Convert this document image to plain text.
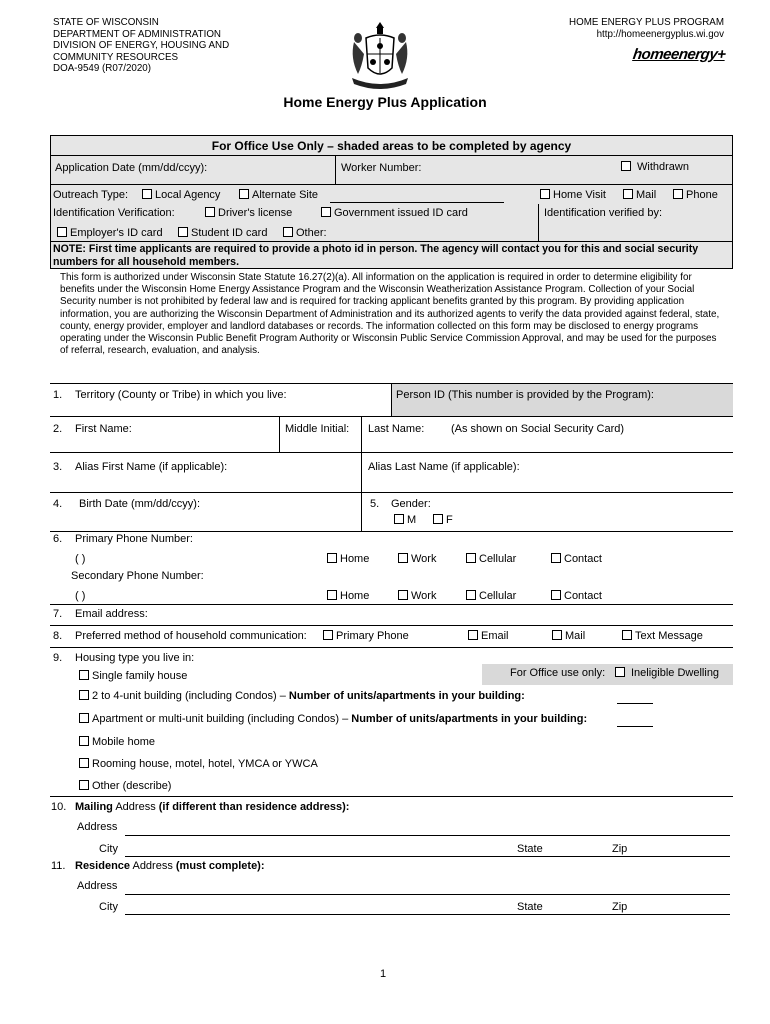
STATE OF WISCONSIN
DEPARTMENT OF ADMINISTRATION
DIVISION OF ENERGY, HOUSING AND
COMMUNITY RESOURCES
DOA-9549 (R07/2020)
HOME ENERGY PLUS PROGRAM
http://homeenergyplus.wi.gov
homeenergy+
Home Energy Plus Application
For Office Use Only – shaded areas to be completed by agency
Application Date (mm/dd/ccyy):	Worker Number:	Withdrawn
Outreach Type:	Local Agency	Alternate Site	Home Visit	Mail	Phone
Identification Verification:	Driver's license	Government issued ID card	Identification verified by:
Employer's ID card	Student ID card	Other:
NOTE: First time applicants are required to provide a photo id in person. The agency will contact you for this and social security numbers for all household members.
This form is authorized under Wisconsin State Statute 16.27(2)(a). All information on the application is required in order to determine eligibility for benefits under the Wisconsin Home Energy Assistance Program and the Wisconsin Weatherization Assistance Program. Collection of your Social Security number is not prohibited by federal law and is required for tracking applicant benefits granted by this program. By providing application information, you are authorizing the Wisconsin Department of Administration and its authorized agents to verify the data provided against federal, state, county, energy provider, employer and landlord databases or records. The information collected on this form may be disclosed to energy programs operating under the Wisconsin Public Benefit Program Authority or Wisconsin Public Service Commission Approval, and may be used for the purposes of referral, research, evaluation, and analysis.
1. Territory (County or Tribe) in which you live:	Person ID (This number is provided by the Program):
2. First Name:	Middle Initial: Last Name: (As shown on Social Security Card)
3. Alias First Name (if applicable):	Alias Last Name (if applicable):
4. Birth Date (mm/dd/ccyy):	5. Gender:
M	F
6. Primary Phone Number:
( )	Home	Work	Cellular	Contact
Secondary Phone Number:
( )	Home	Work	Cellular	Contact
7. Email address:
8. Preferred method of household communication:	Primary Phone	Email	Mail	Text Message
9. Housing type you live in:
For Office use only:	Ineligible Dwelling
Single family house
2 to 4-unit building (including Condos) – Number of units/apartments in your building:
Apartment or multi-unit building (including Condos) – Number of units/apartments in your building:
Mobile home
Rooming house, motel, hotel, YMCA or YWCA
Other (describe)
10. Mailing Address (if different than residence address):
Address
City	State	Zip
11. Residence Address (must complete):
Address
City	State	Zip
1
